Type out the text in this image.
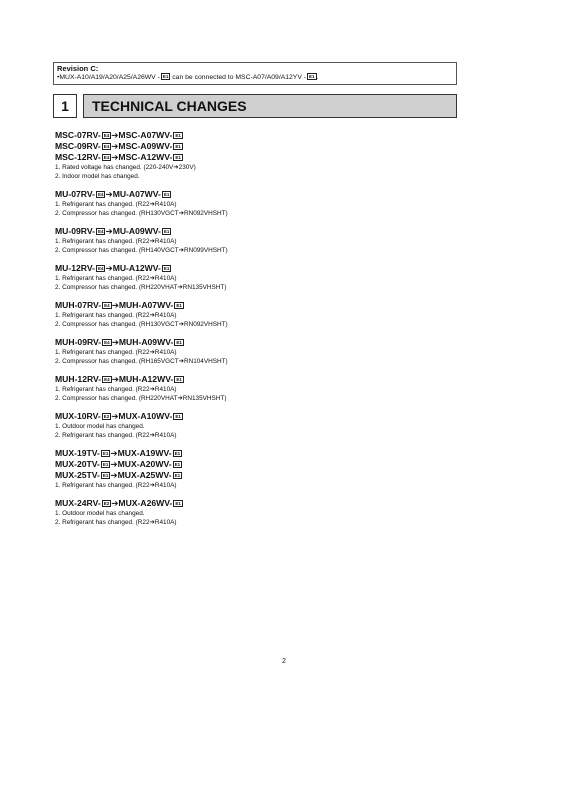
Revision C:
•MUX-A10/A19/A20/A25/A26WV - E1 can be connected to MSC-A07/A09/A12YV - E1 .
1	TECHNICAL CHANGES
MSC-07RV- E4 ➔MSC-A07WV- E1
MSC-09RV- E4 ➔MSC-A09WV- E1
MSC-12RV- E4 ➔MSC-A12WV- E1
1. Rated voltage has changed. (220-240V➔230V)
2. Indoor model has changed.
MU-07RV- E4 ➔MU-A07WV- E1
1. Refrigerant has changed. (R22➔R410A)
2. Compressor has changed. (RH130VGCT➔RN092VHSHT)
MU-09RV- E4 ➔MU-A09WV- E1
1. Refrigerant has changed. (R22➔R410A)
2. Compressor has changed. (RH140VGCT➔RN099VHSHT)
MU-12RV- E4 ➔MU-A12WV- E1
1. Refrigerant has changed. (R22➔R410A)
2. Compressor has changed. (RH220VHAT➔RN135VHSHT)
MUH-07RV- E4 ➔MUH-A07WV- E1
1. Refrigerant has changed. (R22➔R410A)
2. Compressor has changed. (RH130VGCT➔RN092VHSHT)
MUH-09RV- E4 ➔MUH-A09WV- E1
1. Refrigerant has changed. (R22➔R410A)
2. Compressor has changed. (RH165VGCT➔RN104VHSHT)
MUH-12RV- E4 ➔MUH-A12WV- E1
1. Refrigerant has changed. (R22➔R410A)
2. Compressor has changed. (RH220VHAT➔RN135VHSHT)
MUX-10RV- E2 ➔MUX-A10WV- E1
1. Outdoor model has changed.
2. Refrigerant has changed. (R22➔R410A)
MUX-19TV- E1 ➔MUX-A19WV- E1
MUX-20TV- E1 ➔MUX-A20WV- E1
MUX-25TV- E1 ➔MUX-A25WV- E1
1. Refrigerant has changed. (R22➔R410A)
MUX-24RV- E2 ➔MUX-A26WV- E1
1. Outdoor model has changed.
2. Refrigerant has changed. (R22➔R410A)
2
